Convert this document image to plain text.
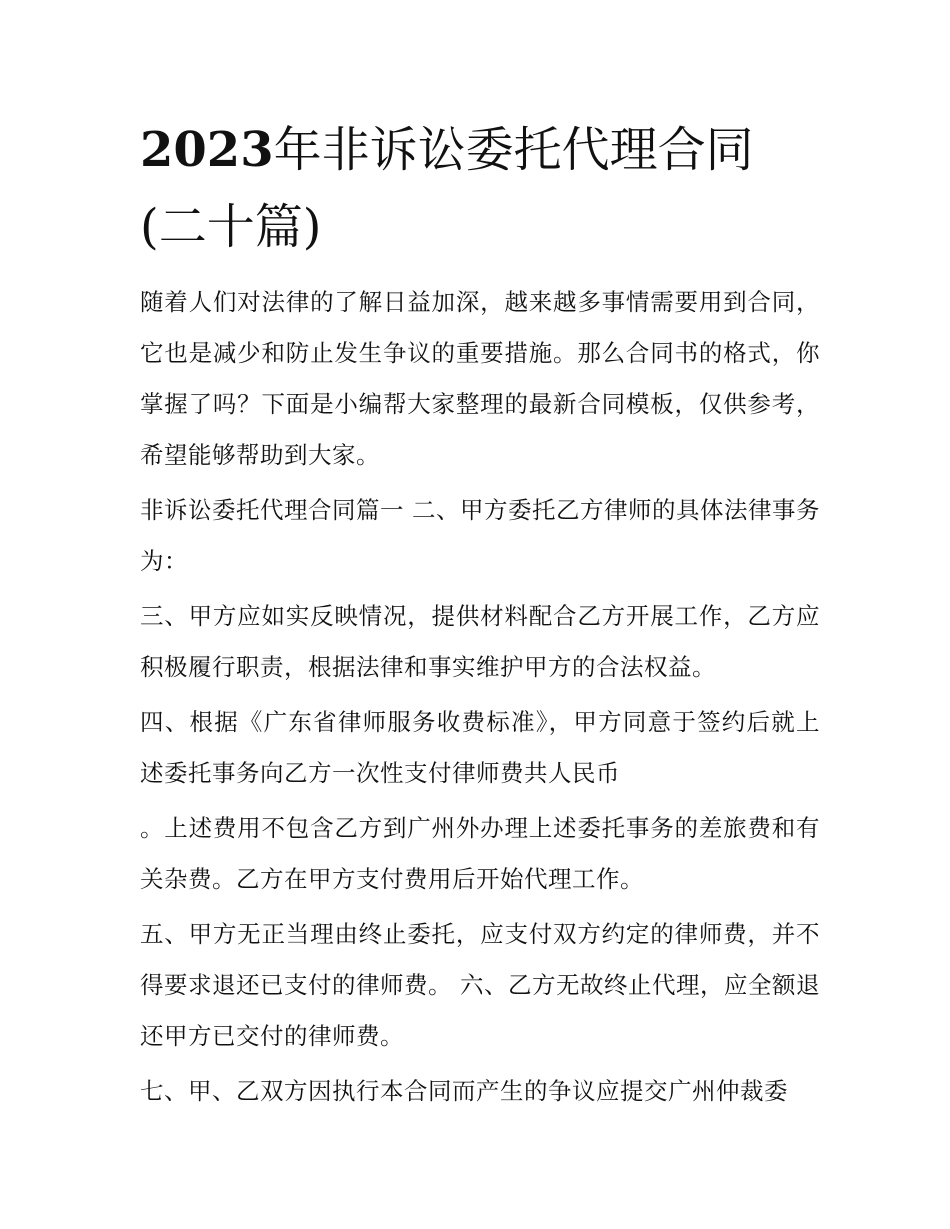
2023年非诉讼委托代理合同(二十篇)

随着人们对法律的了解日益加深，越来越多事情需要用到合同，它也是减少和防止发生争议的重要措施。那么合同书的格式，你掌握了吗？下面是小编帮大家整理的最新合同模板，仅供参考，希望能够帮助到大家。

非诉讼委托代理合同篇一 二、甲方委托乙方律师的具体法律事务为：

三、甲方应如实反映情况，提供材料配合乙方开展工作，乙方应积极履行职责，根据法律和事实维护甲方的合法权益。

四、根据《广东省律师服务收费标准》，甲方同意于签约后就上述委托事务向乙方一次性支付律师费共人民币

。上述费用不包含乙方到广州外办理上述委托事务的差旅费和有关杂费。乙方在甲方支付费用后开始代理工作。

五、甲方无正当理由终止委托，应支付双方约定的律师费，并不得要求退还已支付的律师费。 六、乙方无故终止代理，应全额退还甲方已交付的律师费。

七、甲、乙双方因执行本合同而产生的争议应提交广州仲裁委
